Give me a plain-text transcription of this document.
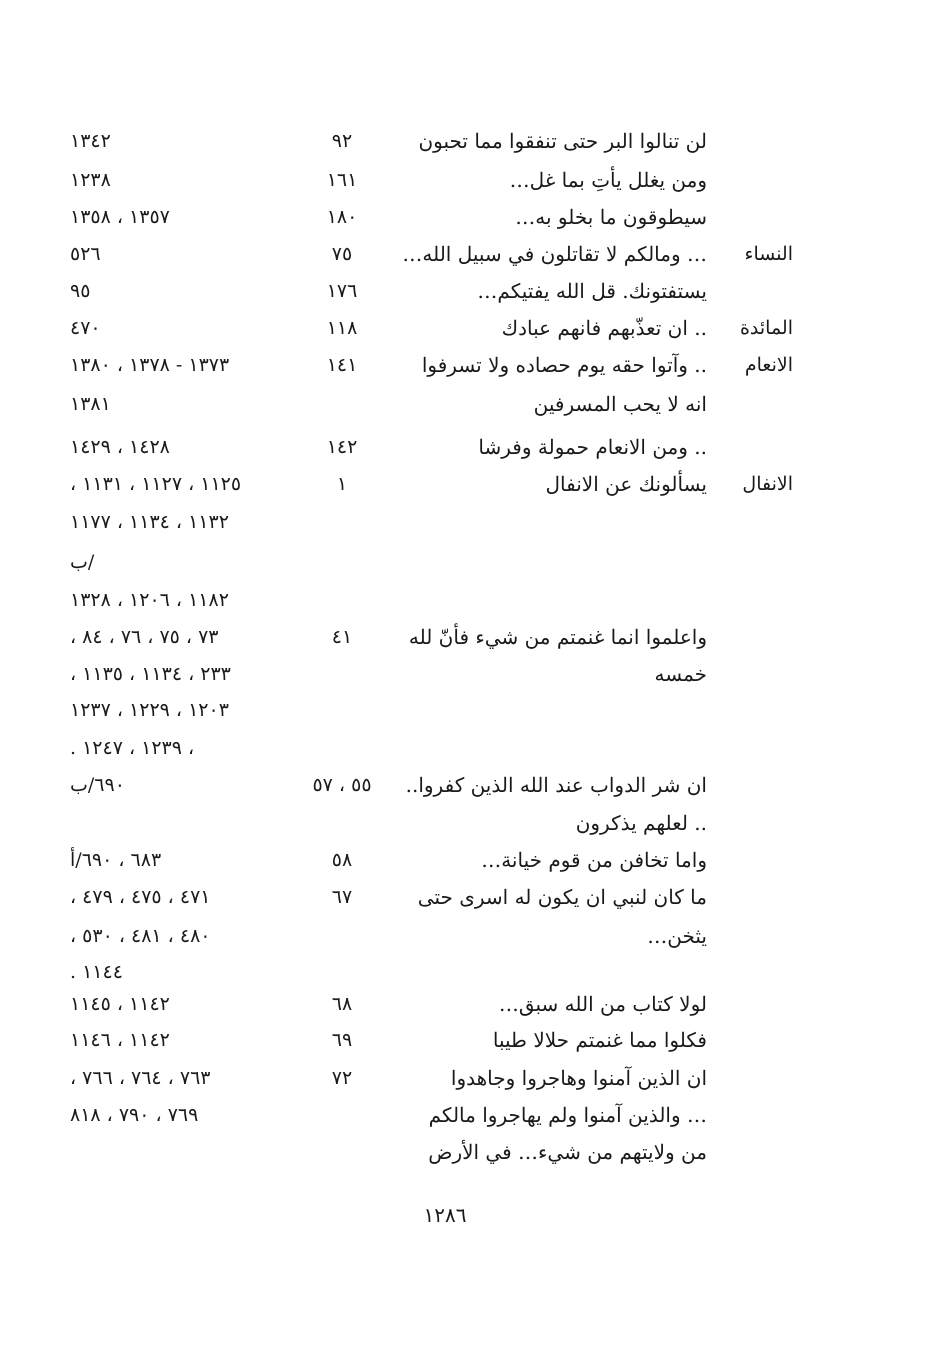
لن تنالوا البر حتى تنفقوا مما تحبون
٩٢
١٣٤٢
ومن يغلل يأتِ بما غل…
١٦١
١٢٣٨
سيطوقون ما بخلو به…
١٨٠
١٣٥٧ ، ١٣٥٨
النساء
… ومالكم لا تقاتلون في سبيل الله…
٧٥
٥٢٦
يستفتونك. قل الله يفتيكم…
١٧٦
٩٥
المائدة
.. ان تعذّبهم فانهم عبادك
١١٨
٤٧٠
الانعام
.. وآتوا حقه يوم حصاده ولا تسرفوا
١٤١
١٣٧٣ - ١٣٧٨ ، ١٣٨٠
انه لا يحب المسرفين
١٣٨١
.. ومن الانعام حمولة وفرشا
١٤٢
١٤٢٨ ، ١٤٢٩
الانفال
يسألونك عن الانفال
١
١١٢٥ ، ١١٢٧ ، ١١٣١ ،
١١٣٢ ، ١١٣٤ ، ١١٧٧
/ب
١١٨٢ ، ١٢٠٦ ، ١٣٢٨
واعلموا انما غنمتم من شيء فأنّ لله
٤١
٧٣ ، ٧٥ ، ٧٦ ، ٨٤ ،
خمسه
٢٣٣ ، ١١٣٤ ، ١١٣٥ ،
١٢٠٣ ، ١٢٢٩ ، ١٢٣٧
، ١٢٣٩ ، ١٢٤٧ .
ان شر الدواب عند الله الذين كفروا..
٥٥ ، ٥٧
٦٩٠/ب
.. لعلهم يذكرون
واما تخافن من قوم خيانة…
٥٨
٦٨٣ ، ٦٩٠/أ
ما كان لنبي ان يكون له اسرى حتى
٦٧
٤٧١ ، ٤٧٥ ، ٤٧٩ ،
يثخن…
٤٨٠ ، ٤٨١ ، ٥٣٠ ،
١١٤٤ .
لولا كتاب من الله سبق…
٦٨
١١٤٢ ، ١١٤٥
فكلوا مما غنمتم حلالا طيبا
٦٩
١١٤٢ ، ١١٤٦
ان الذين آمنوا وهاجروا وجاهدوا
٧٢
٧٦٣ ، ٧٦٤ ، ٧٦٦ ،
… والذين آمنوا ولم يهاجروا مالكم
٧٦٩ ، ٧٩٠ ، ٨١٨
من ولايتهم من شيء… في الأرض
١٢٨٦
